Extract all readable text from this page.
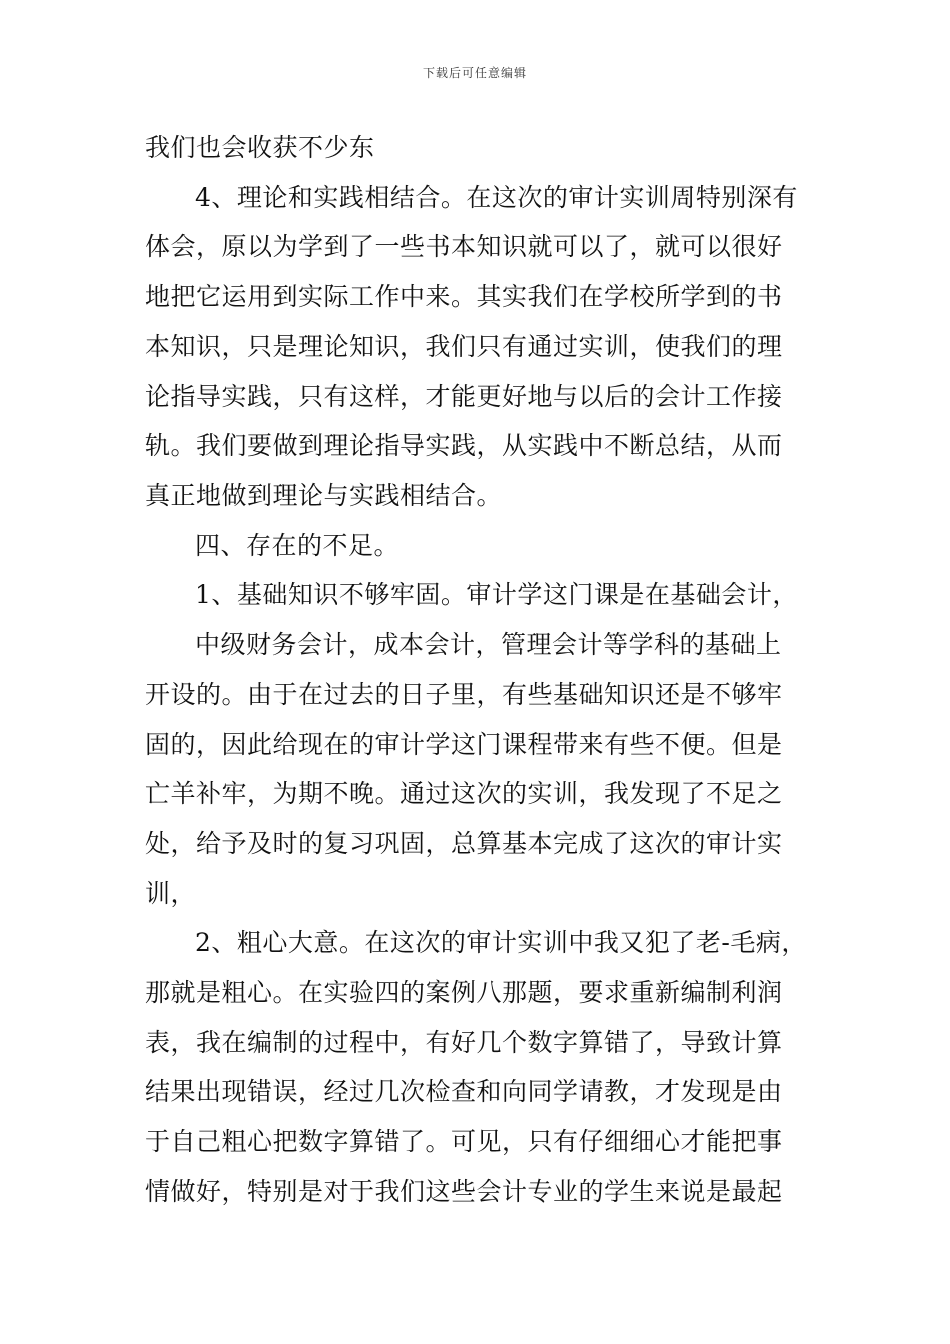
下载后可任意编辑
我们也会收获不少东
4、理论和实践相结合。在这次的审计实训周特别深有
体会，原以为学到了一些书本知识就可以了，就可以很好
地把它运用到实际工作中来。其实我们在学校所学到的书
本知识，只是理论知识，我们只有通过实训，使我们的理
论指导实践，只有这样，才能更好地与以后的会计工作接
轨。我们要做到理论指导实践，从实践中不断总结，从而
真正地做到理论与实践相结合。
四、存在的不足。
1、基础知识不够牢固。审计学这门课是在基础会计，
中级财务会计，成本会计，管理会计等学科的基础上
开设的。由于在过去的日子里，有些基础知识还是不够牢
固的，因此给现在的审计学这门课程带来有些不便。但是
亡羊补牢，为期不晚。通过这次的实训，我发现了不足之
处，给予及时的复习巩固，总算基本完成了这次的审计实
训，
2、粗心大意。在这次的审计实训中我又犯了老-毛病，
那就是粗心。在实验四的案例八那题，要求重新编制利润
表，我在编制的过程中，有好几个数字算错了，导致计算
结果出现错误，经过几次检查和向同学请教，才发现是由
于自己粗心把数字算错了。可见，只有仔细细心才能把事
情做好，特别是对于我们这些会计专业的学生来说是最起
